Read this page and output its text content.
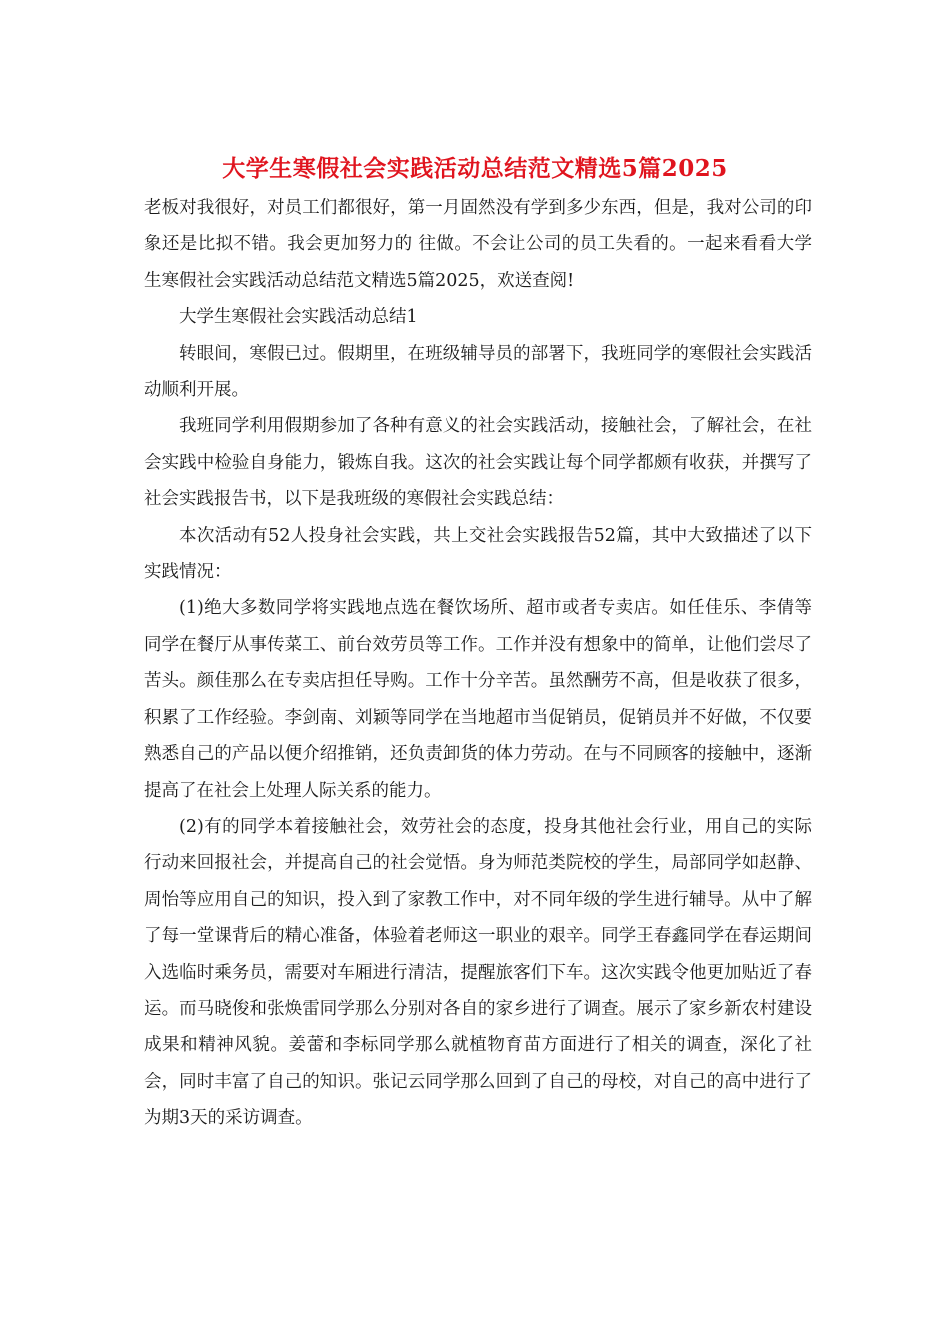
大学生寒假社会实践活动总结范文精选5篇2025

老板对我很好，对员工们都很好，第一月固然没有学到多少东西，但是，我对公司的印象还是比拟不错。我会更加努力的 往做。不会让公司的员工失看的。一起来看看大学生寒假社会实践活动总结范文精选5篇2025，欢送查阅!

大学生寒假社会实践活动总结1

转眼间，寒假已过。假期里，在班级辅导员的部署下，我班同学的寒假社会实践活动顺利开展。

我班同学利用假期参加了各种有意义的社会实践活动，接触社会，了解社会，在社会实践中检验自身能力，锻炼自我。这次的社会实践让每个同学都颇有收获，并撰写了社会实践报告书，以下是我班级的寒假社会实践总结：

本次活动有52人投身社会实践，共上交社会实践报告52篇，其中大致描述了以下实践情况：

(1)绝大多数同学将实践地点选在餐饮场所、超市或者专卖店。如任佳乐、李倩等同学在餐厅从事传菜工、前台效劳员等工作。工作并没有想象中的简单，让他们尝尽了苦头。颜佳那么在专卖店担任导购。工作十分辛苦。虽然酬劳不高，但是收获了很多，积累了工作经验。李剑南、刘颖等同学在当地超市当促销员，促销员并不好做，不仅要熟悉自己的产品以便介绍推销，还负责卸货的体力劳动。在与不同顾客的接触中，逐渐提高了在社会上处理人际关系的能力。

(2)有的同学本着接触社会，效劳社会的态度，投身其他社会行业，用自己的实际行动来回报社会，并提高自己的社会觉悟。身为师范类院校的学生，局部同学如赵静、周怡等应用自己的知识，投入到了家教工作中，对不同年级的学生进行辅导。从中了解了每一堂课背后的精心准备，体验着老师这一职业的艰辛。同学王春鑫同学在春运期间入选临时乘务员，需要对车厢进行清洁，提醒旅客们下车。这次实践令他更加贴近了春运。而马晓俊和张焕雷同学那么分别对各自的家乡进行了调查。展示了家乡新农村建设成果和精神风貌。姜蕾和李标同学那么就植物育苗方面进行了相关的调查，深化了社会，同时丰富了自己的知识。张记云同学那么回到了自己的母校，对自己的高中进行了为期3天的采访调查。
